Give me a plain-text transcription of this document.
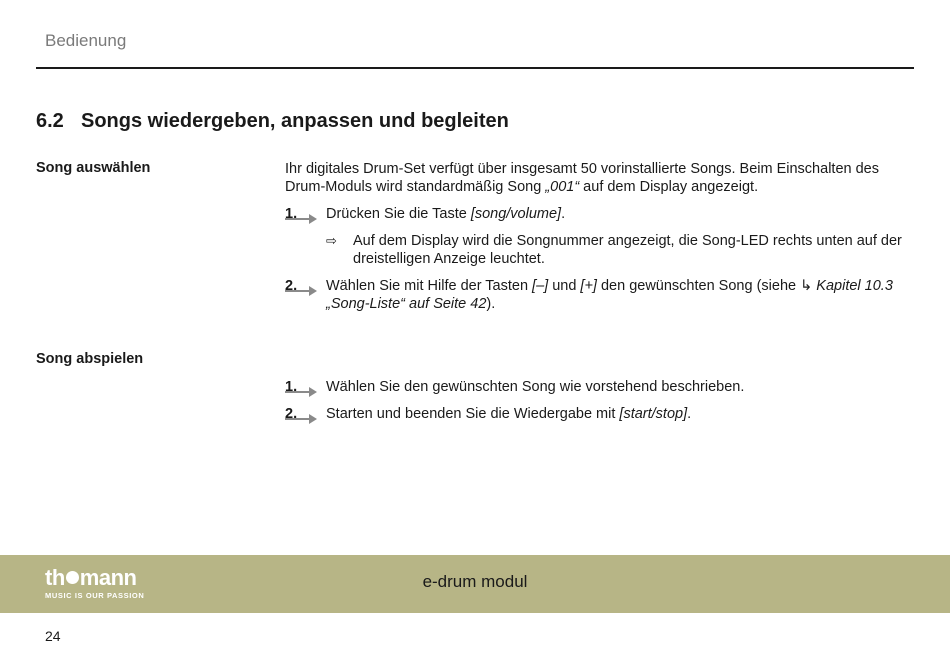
Bedienung
6.2 Songs wiedergeben, anpassen und begleiten
Song auswählen	Ihr digitales Drum-Set verfügt über insgesamt 50 vorinstallierte Songs. Beim Einschalten des Drum-Moduls wird standardmäßig Song „001“ auf dem Display angezeigt.
1. Drücken Sie die Taste [song/volume].
⇨ Auf dem Display wird die Songnummer angezeigt, die Song-LED rechts unten auf der dreistelligen Anzeige leuchtet.
2. Wählen Sie mit Hilfe der Tasten [–] und [+] den gewünschten Song (siehe ↳ Kapitel 10.3 „Song-Liste“ auf Seite 42).
Song abspielen
1. Wählen Sie den gewünschten Song wie vorstehend beschrieben.
2. Starten und beenden Sie die Wiedergabe mit [start/stop].
th mann
MUSIC IS OUR PASSION
e-drum modul
24
